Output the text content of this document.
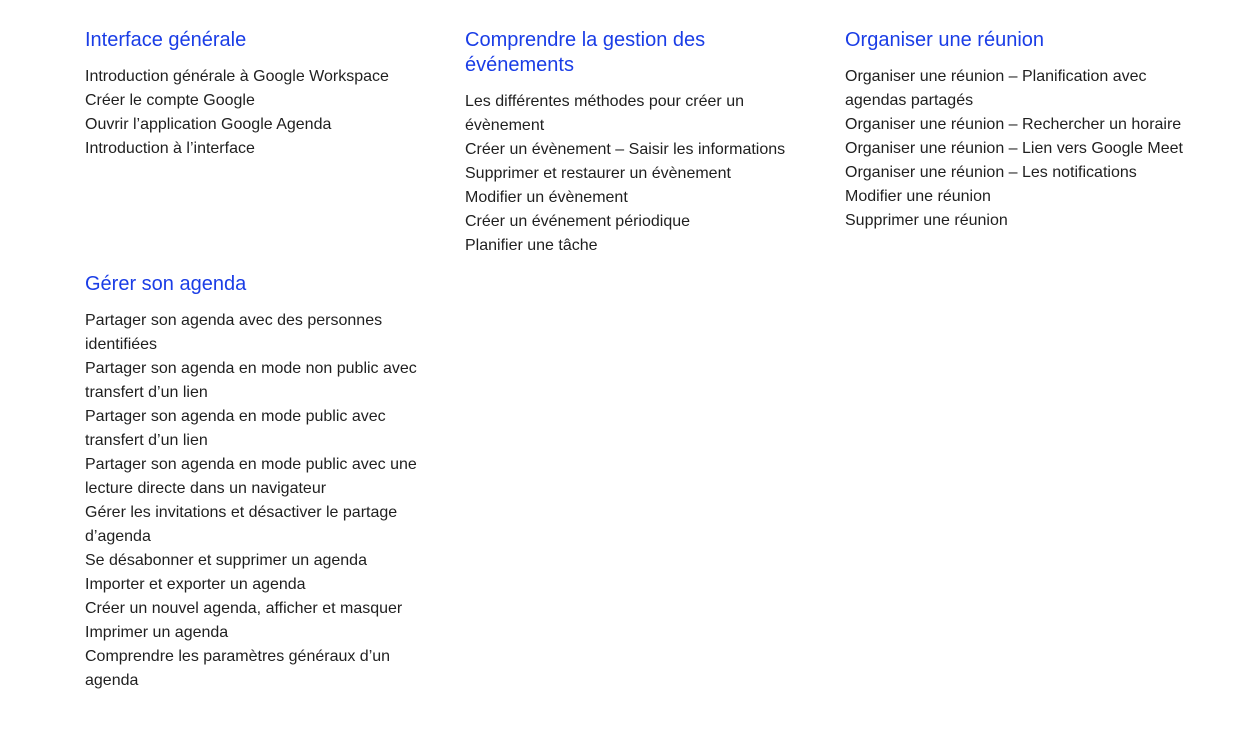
Interface générale
Introduction générale à Google Workspace
Créer le compte Google
Ouvrir l’application Google Agenda
Introduction à l’interface
Comprendre la gestion des événements
Les différentes méthodes pour créer un évènement
Créer un évènement – Saisir les informations
Supprimer et restaurer un évènement
Modifier un évènement
Créer un événement périodique
Planifier une tâche
Organiser une réunion
Organiser une réunion – Planification avec agendas partagés
Organiser une réunion – Rechercher un horaire
Organiser une réunion – Lien vers Google Meet
Organiser une réunion – Les notifications
Modifier une réunion
Supprimer une réunion
Gérer son agenda
Partager son agenda avec des personnes identifiées
Partager son agenda en mode non public avec transfert d’un lien
Partager son agenda en mode public avec transfert d’un lien
Partager son agenda en mode public avec une lecture directe dans un navigateur
Gérer les invitations et désactiver le partage d’agenda
Se désabonner et supprimer un agenda
Importer et exporter un agenda
Créer un nouvel agenda, afficher et masquer
Imprimer un agenda
Comprendre les paramètres généraux d’un agenda
